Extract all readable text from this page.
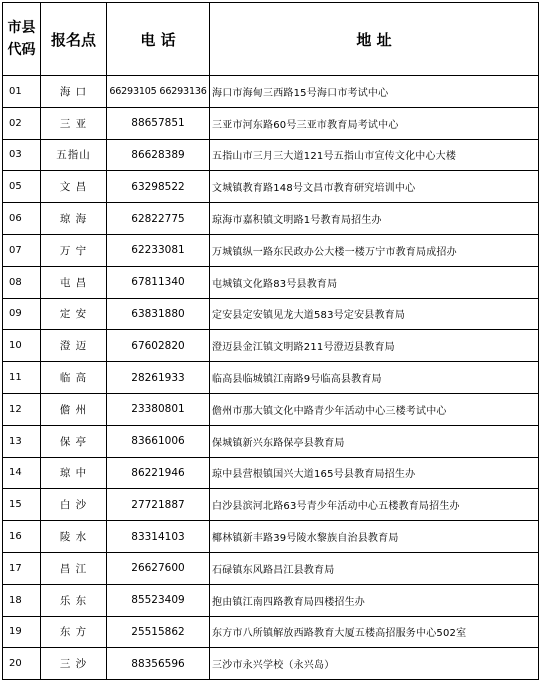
市县
代码	报名点	电 话	地 址
01	海 口	66293105 66293136	海口市海甸三西路15号海口市考试中心
02	三 亚	88657851	三亚市河东路60号三亚市教育局考试中心
03	五指山	86628389	五指山市三月三大道121号五指山市宣传文化中心大楼
05	文 昌	63298522	文城镇教育路148号文昌市教育研究培训中心
06	琼 海	62822775	琼海市嘉积镇文明路1号教育局招生办
07	万 宁	62233081	万城镇纵一路东民政办公大楼一楼万宁市教育局成招办
08	屯 昌	67811340	屯城镇文化路83号县教育局
09	定 安	63831880	定安县定安镇见龙大道583号定安县教育局
10	澄 迈	67602820	澄迈县金江镇文明路211号澄迈县教育局
11	临 高	28261933	临高县临城镇江南路9号临高县教育局
12	儋 州	23380801	儋州市那大镇文化中路青少年活动中心三楼考试中心
13	保 亭	83661006	保城镇新兴东路保亭县教育局
14	琼 中	86221946	琼中县营根镇国兴大道165号县教育局招生办
15	白 沙	27721887	白沙县滨河北路63号青少年活动中心五楼教育局招生办
16	陵 水	83314103	椰林镇新丰路39号陵水黎族自治县教育局
17	昌 江	26627600	石碌镇东风路昌江县教育局
18	乐 东	85523409	抱由镇江南四路教育局四楼招生办
19	东 方	25515862	东方市八所镇解放西路教育大厦五楼高招服务中心502室
20	三 沙	88356596	三沙市永兴学校（永兴岛）
